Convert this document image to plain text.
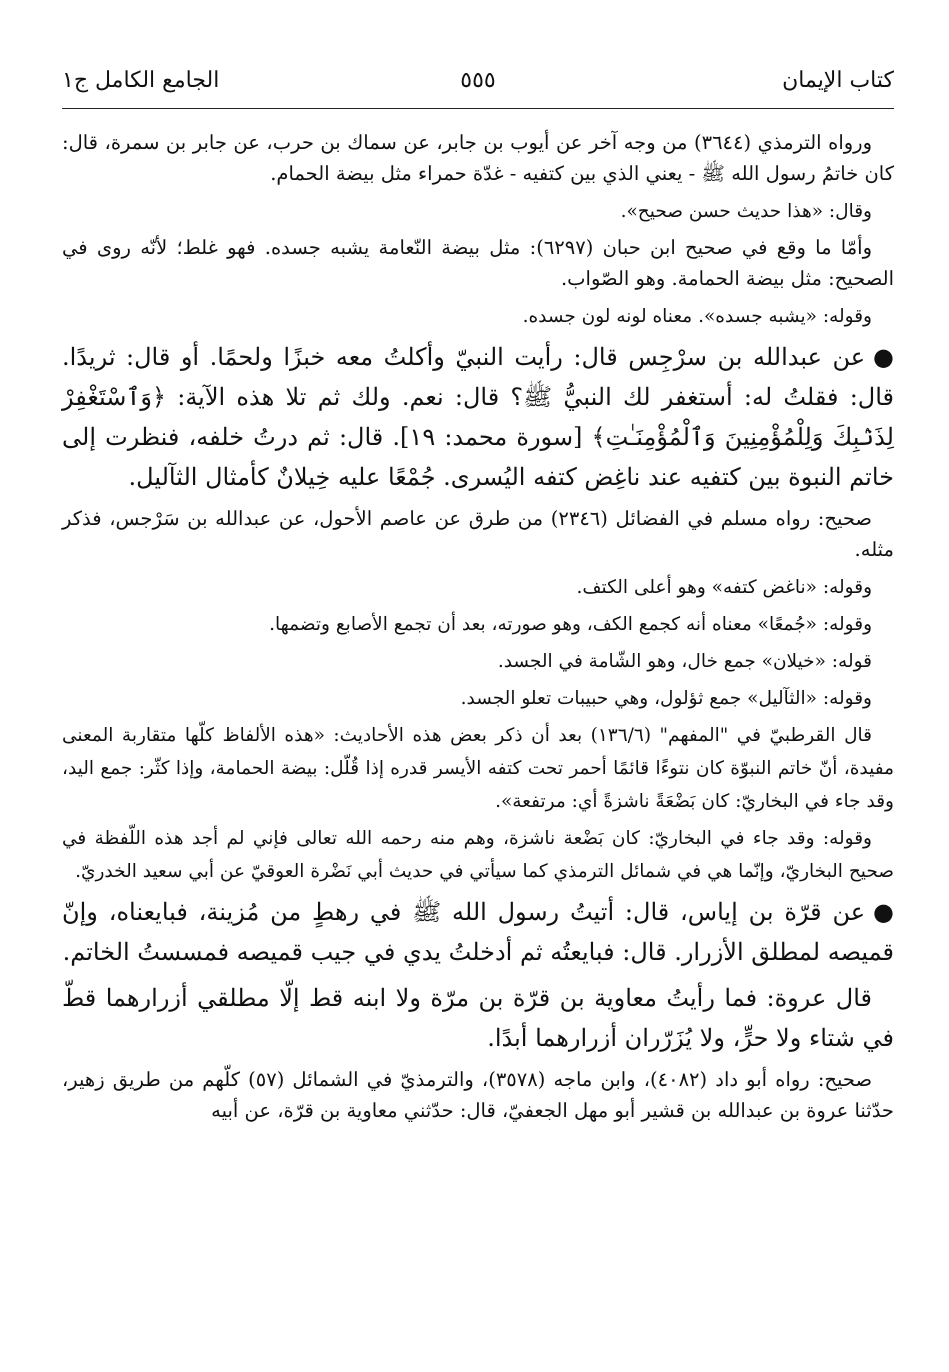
كتاب الإيمان
٥٥٥
الجامع الكامل ج١

ورواه الترمذي (٣٦٤٤) من وجه آخر عن أيوب بن جابر، عن سماك بن حرب، عن جابر بن سمرة، قال: كان خاتمُ رسول الله ﷺ - يعني الذي بين كتفيه - غدّة حمراء مثل بيضة الحمام.

وقال: «هذا حديث حسن صحيح».

وأمّا ما وقع في صحيح ابن حبان (٦٢٩٧): مثل بيضة النّعامة يشبه جسده. فهو غلط؛ لأنّه روى في الصحيح: مثل بيضة الحمامة. وهو الصّواب.

وقوله: «يشبه جسده». معناه لونه لون جسده.

●عن عبدالله بن سرْجِس قال: رأيت النبيّ وأكلتُ معه خبزًا ولحمًا. أو قال: ثريدًا. قال: فقلتُ له: أستغفر لك النبيُّ ﷺ؟ قال: نعم. ولك ثم تلا هذه الآية: ﴿وَٱسْتَغْفِرْ لِذَنۢبِكَ وَلِلْمُؤْمِنِينَ وَٱلْمُؤْمِنَـٰتِ﴾ [سورة محمد: ١٩]. قال: ثم درتُ خلفه، فنظرت إلى خاتم النبوة بين كتفيه عند ناغِض كتفه اليُسرى. جُمْعًا عليه خِيلانٌ كأمثال الثآليل.

صحيح: رواه مسلم في الفضائل (٢٣٤٦) من طرق عن عاصم الأحول، عن عبدالله بن سَرْجس، فذكر مثله.

وقوله: «ناغض كتفه» وهو أعلى الكتف.

وقوله: «جُمعًا» معناه أنه كجمع الكف، وهو صورته، بعد أن تجمع الأصابع وتضمها.

قوله: «خيلان» جمع خال، وهو الشّامة في الجسد.

وقوله: «الثآليل» جمع ثؤلول، وهي حبيبات تعلو الجسد.

قال القرطبيّ في "المفهم" (١٣٦/٦) بعد أن ذكر بعض هذه الأحاديث: «هذه الألفاظ كلّها متقاربة المعنى مفيدة، أنّ خاتم النبوّة كان نتوءًا قائمًا أحمر تحت كتفه الأيسر قدره إذا قُلّل: بيضة الحمامة، وإذا كثّر: جمع اليد، وقد جاء في البخاريّ: كان بَضْعَةً ناشزةً أي: مرتفعة».

وقوله: وقد جاء في البخاريّ: كان بَضْعة ناشزة، وهم منه رحمه الله تعالى فإني لم أجد هذه اللّفظة في صحيح البخاريّ، وإنّما هي في شمائل الترمذي كما سيأتي في حديث أبي نَضْرة العوقيّ عن أبي سعيد الخدريّ.

●عن قرّة بن إياس، قال: أتيتُ رسول الله ﷺ في رهطٍ من مُزينة، فبايعناه، وإنّ قميصه لمطلق الأزرار. قال: فبايعتُه ثم أدخلتُ يدي في جيب قميصه فمسستُ الخاتم.

قال عروة: فما رأيتُ معاوية بن قرّة بن مرّة ولا ابنه قط إلّا مطلقي أزرارهما قطّ في شتاء ولا حرٍّ، ولا يُزَرّران أزرارهما أبدًا.

صحيح: رواه أبو داد (٤٠٨٢)، وابن ماجه (٣٥٧٨)، والترمذيّ في الشمائل (٥٧) كلّهم من طريق زهير، حدّثنا عروة بن عبدالله بن قشير أبو مهل الجعفيّ، قال: حدّثني معاوية بن قرّة، عن أبيه
